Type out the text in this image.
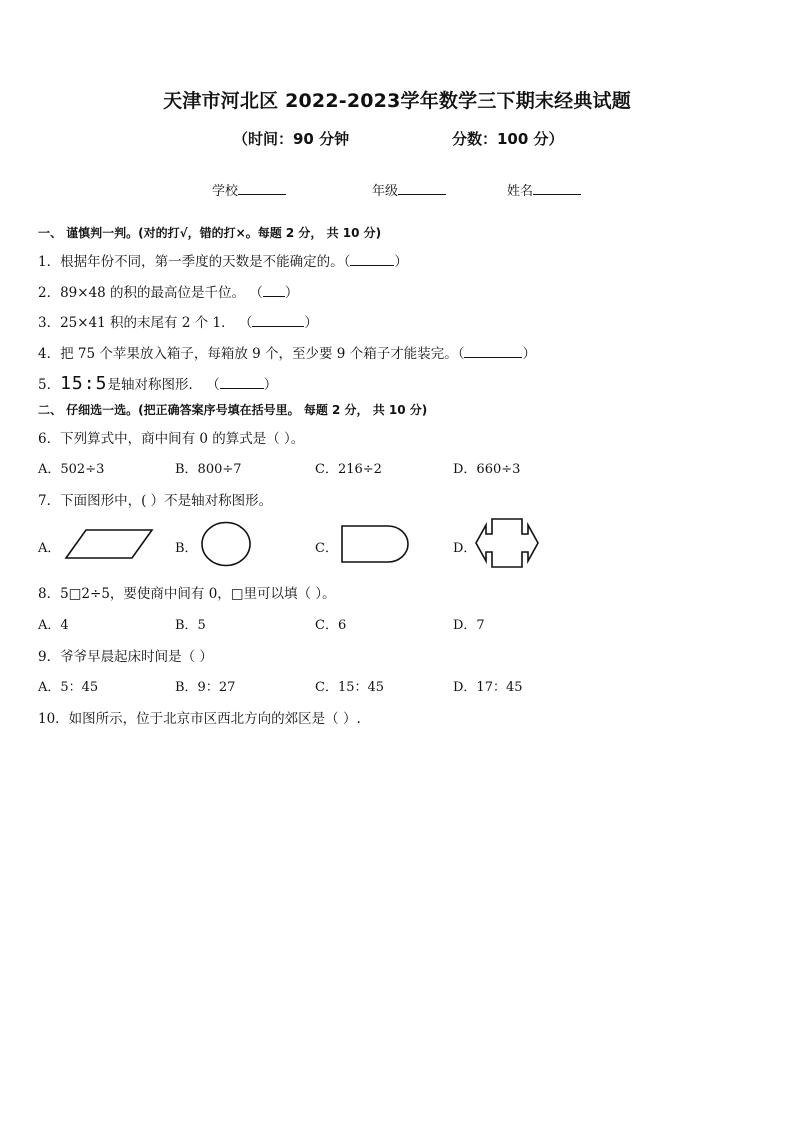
天津市河北区 2022-2023学年数学三下期末经典试题
（时间：90 分钟	分数：100 分）
学校	年级	姓名
一、 谨慎判一判。(对的打√，错的打×。每题 2 分， 共 10 分)
1．根据年份不同，第一季度的天数是不能确定的。（	）
2．89×48 的积的最高位是千位。 （ ）
3．25×41 积的末尾有 2 个 1． （	）
4．把 75 个苹果放入箱子，每箱放 9 个，至少要 9 个箱子才能装完。（	）
5．15:5是轴对称图形． （	）
二、 仔细选一选。(把正确答案序号填在括号里。 每题 2 分， 共 10 分)
6．下列算式中，商中间有 0 的算式是（ ）。
A．502÷3	B．800÷7	C．216÷2	D．660÷3
7．下面图形中，( ）不是轴对称图形。
A．	B．	C．	D．
8．5□2÷5，要使商中间有 0，□里可以填（ ）。
A．4	B．5	C．6	D．7
9．爷爷早晨起床时间是（ ）
A．5：45	B．9：27	C．15：45	D．17：45
10．如图所示，位于北京市区西北方向的郊区是（ ）.
